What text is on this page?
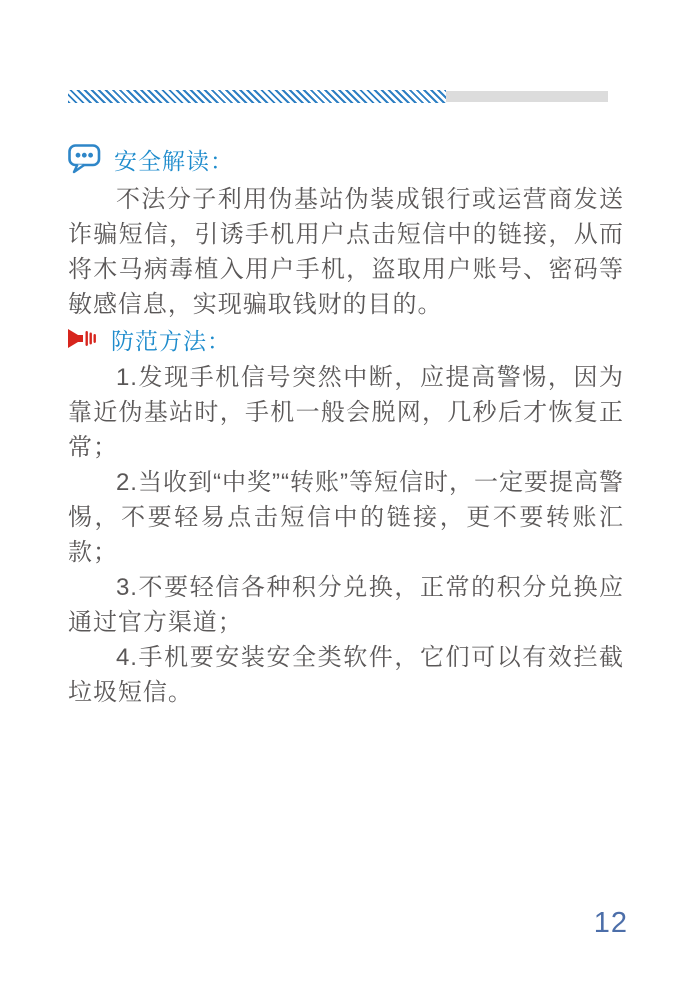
安全解读：

不法分子利用伪基站伪装成银行或运营商发送诈骗短信，引诱手机用户点击短信中的链接，从而将木马病毒植入用户手机，盗取用户账号、密码等敏感信息，实现骗取钱财的目的。

防范方法：

1.发现手机信号突然中断，应提高警惕，因为靠近伪基站时，手机一般会脱网，几秒后才恢复正常；

2.当收到“中奖”“转账”等短信时，一定要提高警惕，不要轻易点击短信中的链接，更不要转账汇款；

3.不要轻信各种积分兑换，正常的积分兑换应通过官方渠道；

4.手机要安装安全类软件，它们可以有效拦截垃圾短信。

12
